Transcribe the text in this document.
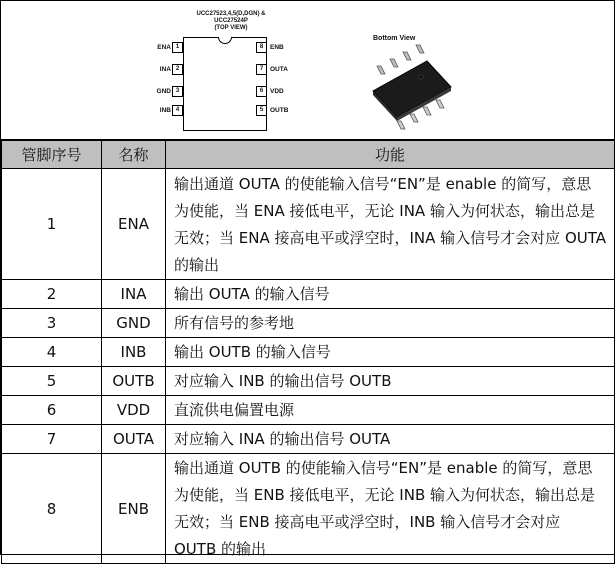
UCC27523,4,5(D,DGN) &
UCC27524P
(TOP VIEW)
ENA 1
INA 2
GND 3
INB 4
8	ENB
7	OUTA
6	VDD
5	OUTB
Bottom View
管脚序号	名称	功能
1	ENA	输出通道 OUTA 的使能输入信号“EN”是 enable 的简写，意思为使能，当 ENA 接低电平，无论 INA 输入为何状态，输出总是无效；当 ENA 接高电平或浮空时，INA 输入信号才会对应 OUTA 的输出
2	INA	输出 OUTA 的输入信号
3	GND	所有信号的参考地
4	INB	输出 OUTB 的输入信号
5	OUTB	对应输入 INB 的输出信号 OUTB
6	VDD	直流供电偏置电源
7	OUTA	对应输入 INA 的输出信号 OUTA
8	ENB	输出通道 OUTB 的使能输入信号“EN”是 enable 的简写，意思为使能，当 ENB 接低电平，无论 INB 输入为何状态，输出总是无效；当 ENB 接高电平或浮空时，INB 输入信号才会对应 OUTB 的输出
